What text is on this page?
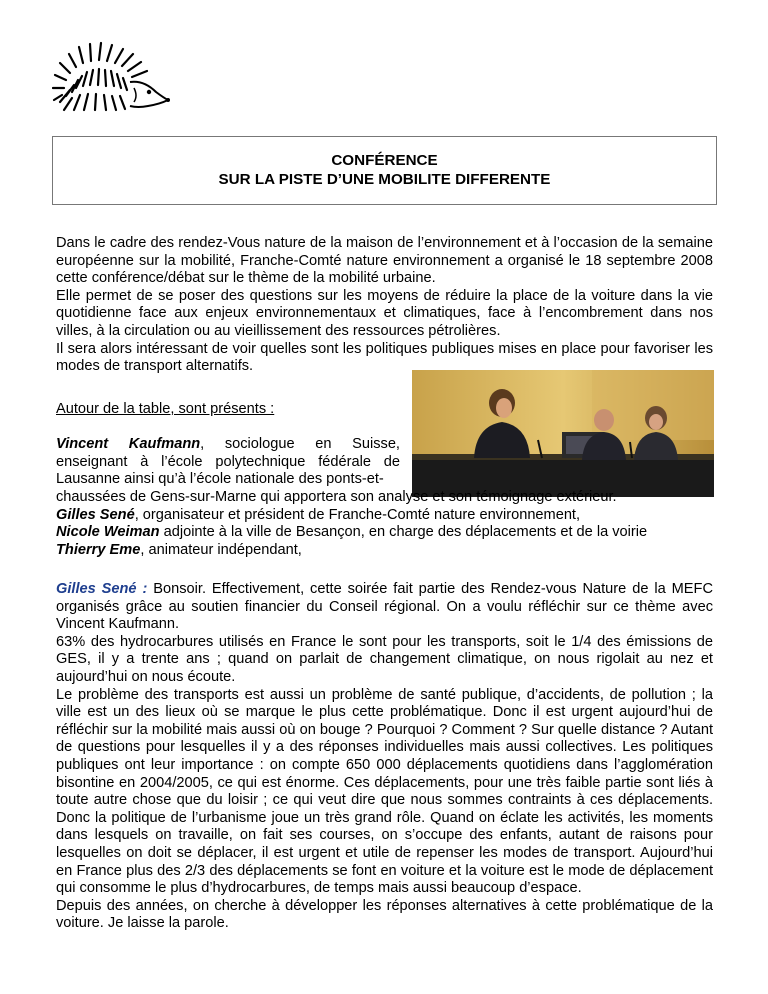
CONFÉRENCE
SUR LA PISTE D’UNE MOBILITE DIFFERENTE

Dans le cadre des rendez-Vous nature de la maison de l’environnement et à l’occasion de la semaine européenne sur la mobilité, Franche-Comté nature environnement a organisé le 18 septembre 2008 cette conférence/débat sur le thème de la mobilité urbaine.

Elle permet de se poser des questions sur les moyens de réduire la place de la voiture dans la vie quotidienne face aux enjeux environnementaux et climatiques, face à l’encombrement dans nos villes, à la circulation ou au vieillissement des ressources pétrolières.

Il sera alors intéressant de voir quelles sont les politiques publiques mises en place pour favoriser les modes de transport alternatifs.

Autour de la table, sont présents :

Vincent Kaufmann, sociologue en Suisse, enseignant à l’école polytechnique fédérale de Lausanne ainsi qu’à l’école nationale des ponts-et-

chaussées de Gens-sur-Marne qui apportera son analyse et son témoignage extérieur.

Gilles Sené, organisateur et président de Franche-Comté nature environnement,

Nicole Weiman adjointe à la ville de Besançon, en charge des déplacements et de la voirie

Thierry Eme, animateur indépendant,

Gilles Sené : Bonsoir. Effectivement, cette soirée fait partie des Rendez-vous Nature de la MEFC organisés grâce au soutien financier du Conseil régional. On a voulu réfléchir sur ce thème avec Vincent Kaufmann.

63% des hydrocarbures utilisés en France le sont pour les transports, soit le 1/4 des émissions de GES, il y a trente ans ; quand on parlait de changement climatique, on nous rigolait au nez et aujourd’hui on nous écoute.

Le problème des transports est aussi un problème de santé publique, d’accidents, de pollution ; la ville est un des lieux où se marque le plus cette problématique. Donc il est urgent aujourd’hui de réfléchir sur la mobilité mais aussi où on bouge ? Pourquoi ? Comment ? Sur quelle distance ? Autant de questions pour lesquelles il y a des réponses individuelles mais aussi collectives. Les politiques publiques ont leur importance : on compte 650 000 déplacements quotidiens dans l’agglomération bisontine en 2004/2005, ce qui est énorme. Ces déplacements, pour une très faible partie sont liés à toute autre chose que du loisir ; ce qui veut dire que nous sommes contraints à ces déplacements. Donc la politique de l’urbanisme joue un très grand rôle. Quand on éclate les activités, les moments dans lesquels on travaille, on fait ses courses, on s’occupe des enfants, autant de raisons pour lesquelles on doit se déplacer, il est urgent et utile de repenser les modes de transport. Aujourd’hui en France plus des 2/3 des déplacements se font en voiture et la voiture est le mode de déplacement qui consomme le plus d’hydrocarbures, de temps mais aussi beaucoup d’espace.

Depuis des années, on cherche à développer les réponses alternatives à cette problématique de la voiture. Je laisse la parole.
